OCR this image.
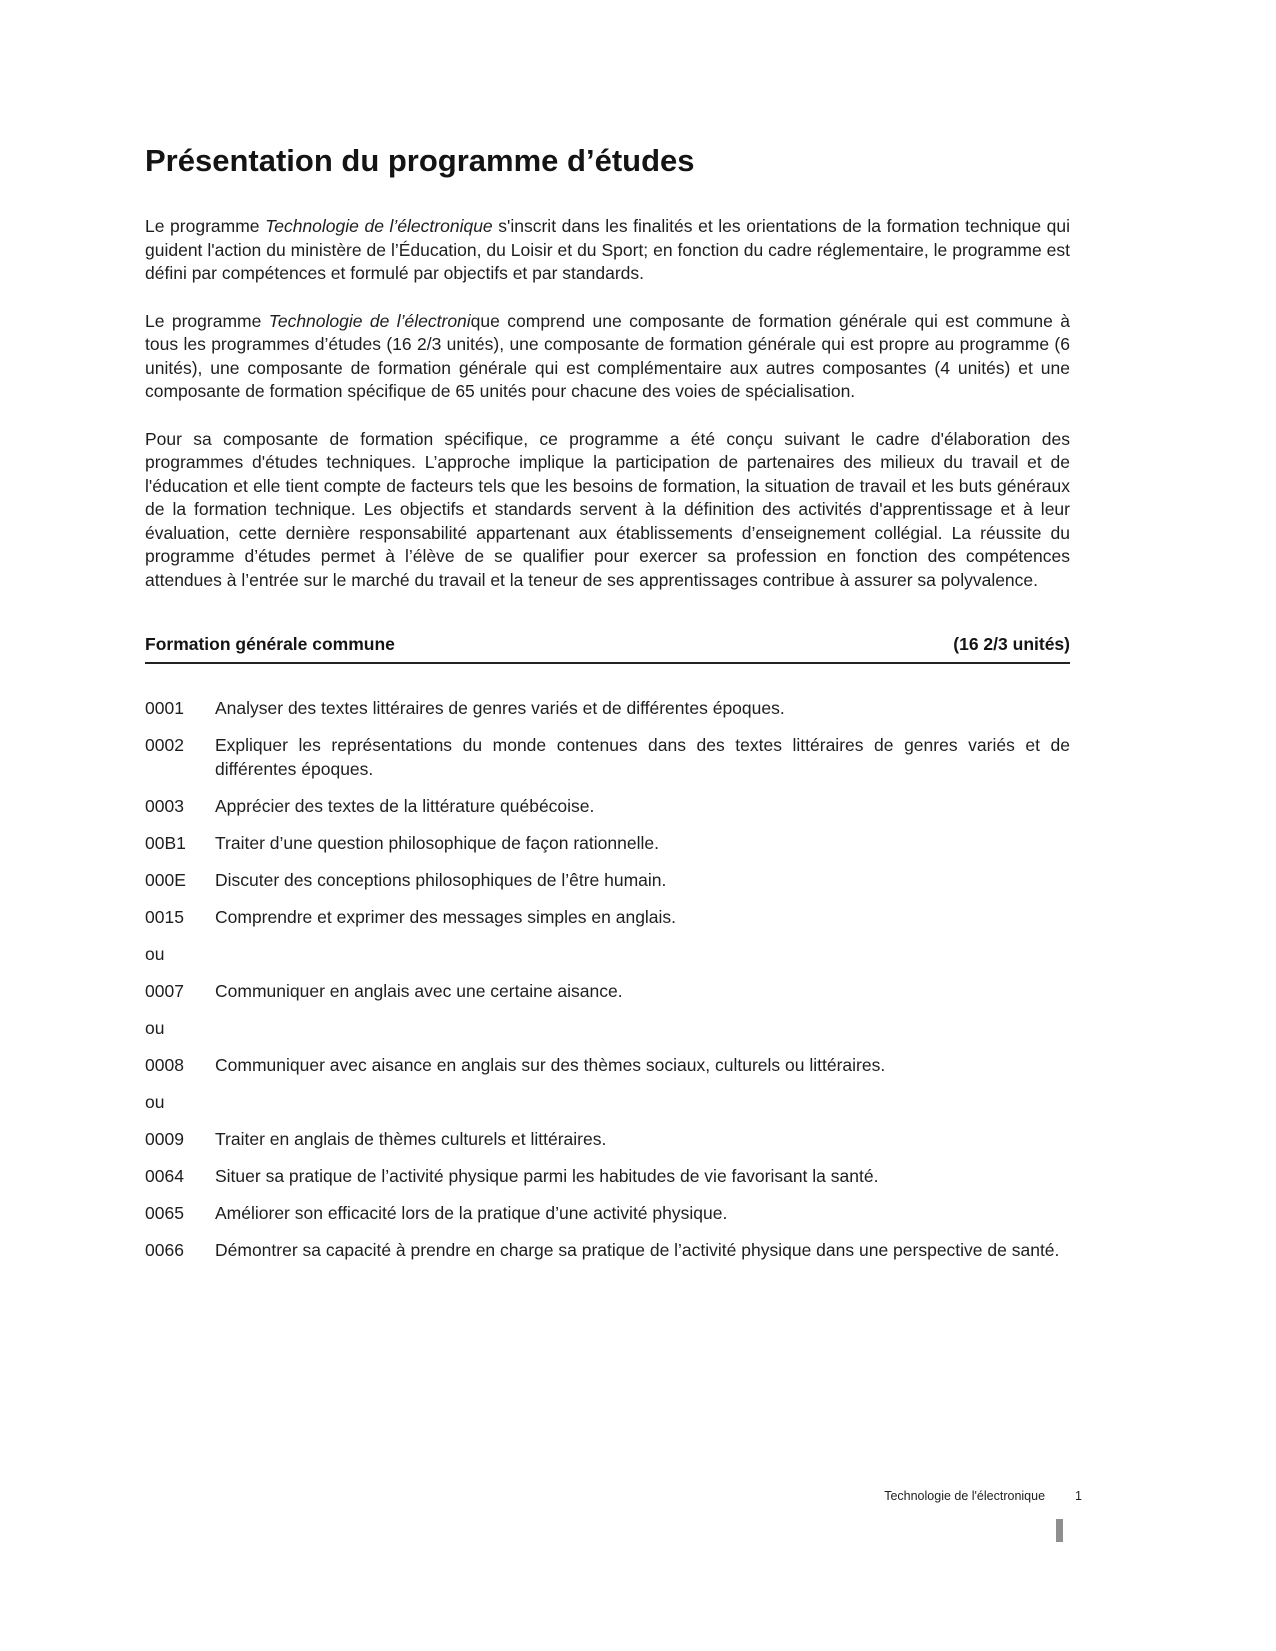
Présentation du programme d’études

Le programme Technologie de l’électronique s'inscrit dans les finalités et les orientations de la formation technique qui guident l'action du ministère de l’Éducation, du Loisir et du Sport; en fonction du cadre réglementaire, le programme est défini par compétences et formulé par objectifs et par standards.

Le programme Technologie de l’électronique comprend une composante de formation générale qui est commune à tous les programmes d’études (16 2/3 unités), une composante de formation générale qui est propre au programme (6 unités), une composante de formation générale qui est complémentaire aux autres composantes (4 unités) et une composante de formation spécifique de 65 unités pour chacune des voies de spécialisation.

Pour sa composante de formation spécifique, ce programme a été conçu suivant le cadre d'élaboration des programmes d'études techniques. L’approche implique la participation de partenaires des milieux du travail et de l'éducation et elle tient compte de facteurs tels que les besoins de formation, la situation de travail et les buts généraux de la formation technique. Les objectifs et standards servent à la définition des activités d'apprentissage et à leur évaluation, cette dernière responsabilité appartenant aux établissements d’enseignement collégial. La réussite du programme d’études permet à l’élève de se qualifier pour exercer sa profession en fonction des compétences attendues à l’entrée sur le marché du travail et la teneur de ses apprentissages contribue à assurer sa polyvalence.

Formation générale commune	(16 2/3 unités)
0001	Analyser des textes littéraires de genres variés et de différentes époques.
0002	Expliquer les représentations du monde contenues dans des textes littéraires de genres variés et de différentes époques.
0003	Apprécier des textes de la littérature québécoise.
00B1	Traiter d’une question philosophique de façon rationnelle.
000E	Discuter des conceptions philosophiques de l’être humain.
0015	Comprendre et exprimer des messages simples en anglais.
ou
0007	Communiquer en anglais avec une certaine aisance.
ou
0008	Communiquer avec aisance en anglais sur des thèmes sociaux, culturels ou littéraires.
ou
0009	Traiter en anglais de thèmes culturels et littéraires.
0064	Situer sa pratique de l’activité physique parmi les habitudes de vie favorisant la santé.
0065	Améliorer son efficacité lors de la pratique d’une activité physique.
0066	Démontrer sa capacité à prendre en charge sa pratique de l’activité physique dans une perspective de santé.
Technologie de l'électronique 1
